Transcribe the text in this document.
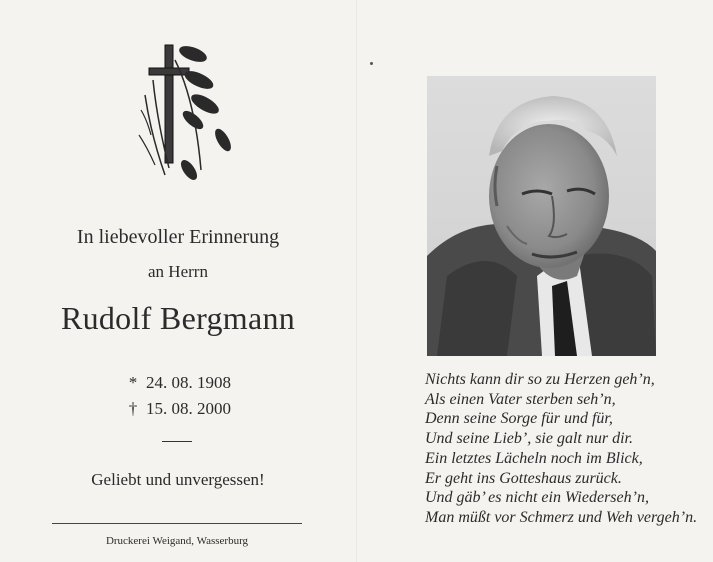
In liebevoller Erinnerung
an Herrn
Rudolf Bergmann
* 24. 08. 1908
† 15. 08. 2000
Geliebt und unvergessen!
Druckerei Weigand, Wasserburg
Nichts kann dir so zu Herzen geh’n,
Als einen Vater sterben seh’n,
Denn seine Sorge für und für,
Und seine Lieb’, sie galt nur dir.
Ein letztes Lächeln noch im Blick,
Er geht ins Gotteshaus zurück.
Und gäb’ es nicht ein Wiederseh’n,
Man müßt vor Schmerz und Weh vergeh’n.
